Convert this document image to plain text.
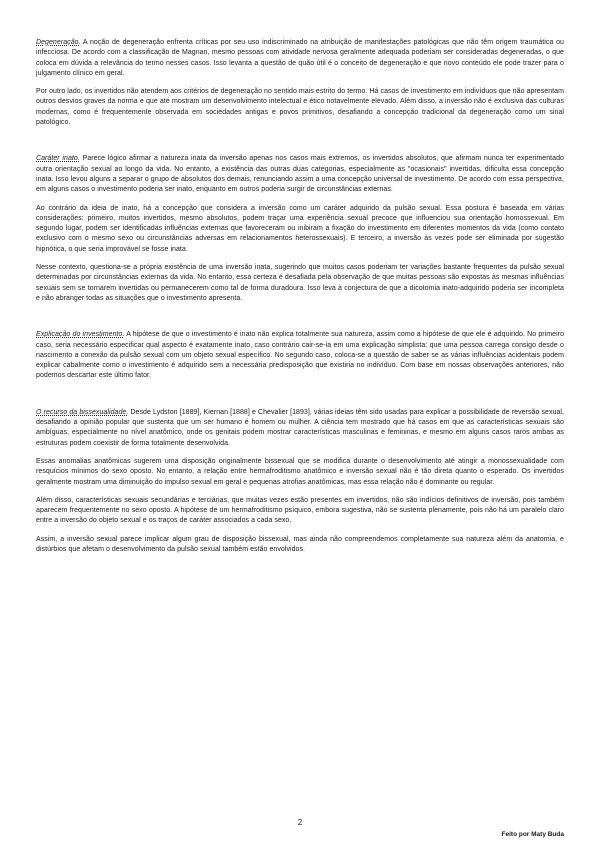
Degeneração. A noção de degeneração enfrenta críticas por seu uso indiscriminado na atribuição de manifestações patológicas que não têm origem traumática ou infecciosa. De acordo com a classificação de Magnan, mesmo pessoas com atividade nervosa geralmente adequada poderiam ser consideradas degeneradas, o que coloca em dúvida a relevância do termo nesses casos. Isso levanta a questão de quão útil é o conceito de degeneração e que novo conteúdo ele pode trazer para o julgamento clínico em geral.

Por outro lado, os invertidos não atendem aos critérios de degeneração no sentido mais estrito do termo. Há casos de investimento em indivíduos que não apresentam outros desvios graves da norma e que até mostram um desenvolvimento intelectual e ético notavelmente elevado. Além disso, a inversão não é exclusiva das culturas modernas, como é frequentemente observada em sociedades antigas e povos primitivos, desafiando a concepção tradicional da degeneração como um sinal patológico.

Caráter inato. Parece lógico afirmar a natureza inata da inversão apenas nos casos mais extremos, os invertidos absolutos, que afirmam nunca ter experimentado outra orientação sexual ao longo da vida. No entanto, a existência das outras duas categorias, especialmente as "ocasionais" invertidas, dificulta essa concepção inata. Isso levou alguns a separar o grupo de absolutos dos demais, renunciando assim a uma concepção universal de investimento. De acordo com essa perspectiva, em alguns casos o investimento poderia ser inato, enquanto em outros poderia surgir de circunstâncias externas.

Ao contrário da ideia de inato, há a concepção que considera a inversão como um caráter adquirido da pulsão sexual. Essa postura é baseada em várias considerações: primeiro, muitos invertidos, mesmo absolutos, podem traçar uma experiência sexual precoce que influenciou sua orientação homossexual. Em segundo lugar, podem ser identificadas influências externas que favoreceram ou inibiram a fixação do investimento em diferentes momentos da vida (como contato exclusivo com o mesmo sexo ou circunstâncias adversas em relacionamentos heterossexuais). E terceiro, a inversão às vezes pode ser eliminada por sugestão hipnótica, o que seria improvável se fosse inata.

Nesse contexto, questiona-se a própria existência de uma inversão inata, sugerindo que muitos casos poderiam ter variações bastante frequentes da pulsão sexual determinadas por circunstâncias externas da vida. No entanto, essa certeza é desafiada pela observação de que muitas pessoas são expostas às mesmas influências sexuais sem se tornarem invertidas ou permanecerem como tal de forma duradoura. Isso leva à conjectura de que a dicotomia inato-adquirido poderia ser incompleta e não abranger todas as situações que o investimento apresenta.

Explicação do investimento. A hipótese de que o investimento é inato não explica totalmente sua natureza, assim como a hipótese de que ele é adquirido. No primeiro caso, seria necessário especificar qual aspecto é exatamente inato, caso contrário cair-se-ia em uma explicação simplista: que uma pessoa carrega consigo desde o nascimento a conexão da pulsão sexual com um objeto sexual específico. No segundo caso, coloca-se a questão de saber se as várias influências acidentais podem explicar cabalmente como o investimento é adquirido sem a necessária predisposição que existiria no indivíduo. Com base em nossas observações anteriores, não podemos descartar este último fator.

O recurso da bissexualidade. Desde Lydston [1889], Kiernan [1888] e Chevalier [1893], várias ideias têm sido usadas para explicar a possibilidade de reversão sexual, desafiando a opinião popular que sustenta que um ser humano é homem ou mulher. A ciência tem mostrado que há casos em que as características sexuais são ambíguas, especialmente no nível anatômico, onde os genitais podem mostrar características masculinas e femininas, e mesmo em alguns casos raros ambas as estruturas podem coexistir de forma totalmente desenvolvida.

Essas anomalias anatômicas sugerem uma disposição originalmente bissexual que se modifica durante o desenvolvimento até atingir a monossexualidade com resquícios mínimos do sexo oposto. No entanto, a relação entre hermafroditismo anatômico e inversão sexual não é tão direta quanto o esperado. Os invertidos geralmente mostram uma diminuição do impulso sexual em geral e pequenas atrofias anatômicas, mas essa relação não é dominante ou regular.

Além disso, características sexuais secundárias e terciárias, que muitas vezes estão presentes em invertidos, não são indícios definitivos de inversão, pois também aparecem frequentemente no sexo oposto. A hipótese de um hermafroditismo psíquico, embora sugestiva, não se sustenta plenamente, pois não há um paralelo claro entre a inversão do objeto sexual e os traços de caráter associados a cada sexo.

Assim, a inversão sexual parece implicar algum grau de disposição bissexual, mas ainda não compreendemos completamente sua natureza além da anatomia, e distúrbios que afetam o desenvolvimento da pulsão sexual também estão envolvidos.

2
Feito por Maty Buda
